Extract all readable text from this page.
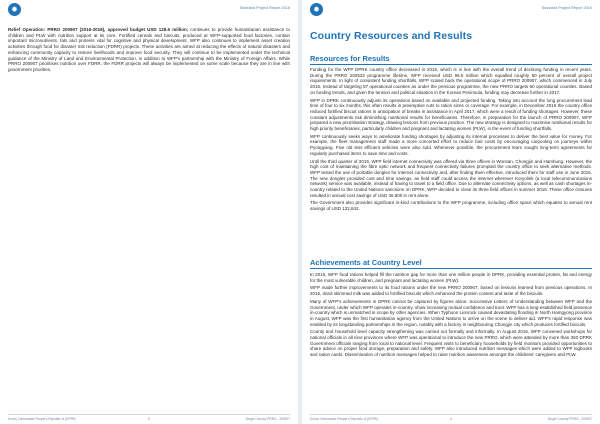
✹	Standard Project Report 2016

Relief Operation: PRRO 200907 (2016-2018), approved budget USD 128.6 million; continues to provide humanitarian assistance to children and PLW with nutrition support at its core. Fortified cereals and biscuits, produced at WFP-supported food factories, contain important micronutrients, fats and proteins vital for cognitive and physical development. WFP also continues to implement asset creation activities through food for disaster risk reduction (FDRR) projects. These activities are aimed at reducing the effects of natural disasters and enhancing community capacity to restore livelihoods and improve food security. They will continue to be implemented under the technical guidance of the Ministry of Land and Environmental Protection, in addition to WFP's partnership with the Ministry of Foreign Affairs. While PRRO 200907 prioritises nutrition over FDRR, the FDRR projects will always be implemented on some scale because they are in line with government priorities.

Korea, Democratic People's Republic of (DPRK)	5	Single Country PRRO - 200907
✹	Standard Project Report 2016
Country Resources and Results
Resources for Results

Funding for the WFP DPRK country office decreased in 2016, which is in line with the overall trend of declining funding in recent years. During the PRRO 200532 programme lifetime, WFP received USD 96.5 million which equalled roughly 50 percent of overall project requirements. In light of consistent funding shortfalls, WFP scaled back the operational scope of PRRO 200907, which commenced in July 2016. Instead of targeting 87 operational counties as under the previous programme, the new PRRO targets 60 operational counties. Based on funding trends, and given the tension and political situation in the Korean Peninsula, funding may decrease further in 2017.

WFP in DPRK continuously adjusts its operations based on available and projected funding. Taking into account the long procurement lead time of four to six months, this often results in preemptive cuts to ration sizes or coverage. For example, in December 2016 the country office reduced fortified biscuit rations in anticipation of breaks in assistance in April 2017, which were a result of funding shortages. However, these constant adjustments risk diminishing nutritional results for beneficiaries. Therefore, in preparation for the launch of PRRO 200907, WFP prepared a new prioritisation strategy, drawing lessons from previous practice. The new strategy is designed to maximise nutritional results for high priority beneficiaries, particularly children and pregnant and lactating women (PLW), in the event of funding shortfalls.

WFP continuously seeks ways to ameliorate funding shortages by adjusting its internal processes to deliver the best value for money. For example, the fleet management staff made a more concerted effort to reduce fuel costs by encouraging carpooling on journeys within Pyongyang. Five old less efficient vehicles were also sold. Whenever possible, the procurement team sought long-term agreements for regularly purchased items to save time and costs.

Until the third quarter of 2016, WFP field internet connectivity was offered via three offices in Wonsan, Chongjin and Hamhung. However, the high cost of maintaining the fibre optic network and frequent connectivity failures prompted the country office to seek alternative methods. WFP tested the use of portable dongles for internet connectivity and, after finding them effective, introduced them for staff use in June 2016. The new dongles provided cost and time savings, as field staff could access the internet wherever Koryolink (a local telecommunications network) service was available, instead of having to travel to a field office. Due to alternate connectivity options, as well as cash shortages in-country related to the United Nations sanctions on DPRK, WFP decided to close its three field offices in summer 2016. These office closures resulted in annual cost savings of USD 36,800 in rent alone.

The Government also provides significant in-kind contributions to the WFP programme, including office space which equates to annual rent savings of USD 132,842.

Achievements at Country Level

In 2016, WFP food rations helped fill the nutrition gap for more than one million people in DPRK, providing essential protein, fat and energy for the most vulnerable children, and pregnant and lactating women (PLW).

WFP made further improvements to its food rations under the new PRRO 200907, based on lessons learned from previous operations. In 2016, dried skimmed milk was added to fortified biscuits which enhanced the protein content and taste of the biscuits.

Many of WFP's achievements in DPRK cannot be captured by figures alone. Successive Letters of Understanding between WFP and the Government, under which WFP operates in-country, show increasing mutual confidence and trust. WFP has a long-established field presence in-country which is unmatched in scope by other agencies. When Typhoon Lionrock caused devastating flooding in North Hamgyong province in August, WFP was the first humanitarian agency from the United Nations to arrive on the scene to deliver aid. WFP's rapid response was enabled by its longstanding partnerships in the region, notably with a factory in neighbouring Chongjin city which produces fortified biscuits.

County and household level capacity strengthening was carried out formally and informally. In August 2016, WFP convened workshops for national officials in all nine provinces where WFP was operational to introduce the new PRRO, which were attended by more than 350 DPRK Government officials ranging from local to national level. Frequent visits to beneficiary households by field monitors provided opportunities to share advice on proper food storage, preparation and safety. WFP also introduced nutrition messages which were added to WFP logbooks and ration cards. Dissemination of nutrition messages helped to raise nutrition awareness amongst the childrens' caregivers and PLW.

Korea, Democratic People's Republic of (DPRK)	6	Single Country PRRO - 200907
